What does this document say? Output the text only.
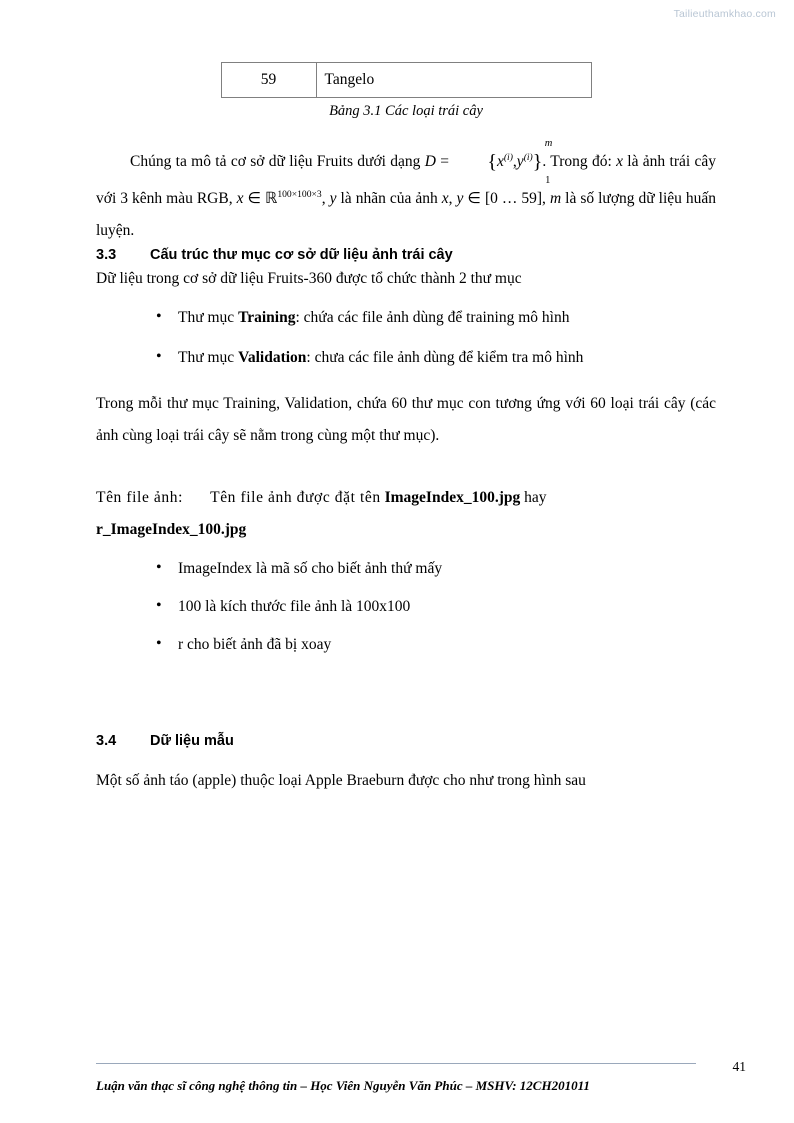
Tailieuthamkhao.com
59	Tangelo
Bảng 3.1 Các loại trái cây

Chúng ta mô tả cơ sở dữ liệu Fruits dưới dạng $D = \{x^{(i)},y^{(i)}\}$
m
1
. Trong đó: x là ảnh trái cây với 3 kênh màu RGB, x ∈ ℝ$^{100\times 100\times 3}$, y là nhãn của ảnh x, y ∈ [0 … 59], m là số lượng dữ liệu huấn luyện.

3.3	Cấu trúc thư mục cơ sở dữ liệu ảnh trái cây

Dữ liệu trong cơ sở dữ liệu Fruits-360 được tổ chức thành 2 thư mục

• Thư mục Training: chứa các file ảnh dùng để training mô hình
• Thư mục Validation: chưa các file ảnh dùng để kiểm tra mô hình

Trong mỗi thư mục Training, Validation, chứa 60 thư mục con tương ứng với 60 loại trái cây (các ảnh cùng loại trái cây sẽ nằm trong cùng một thư mục).

Tên file ảnh: Tên file ảnh được đặt tên ImageIndex_100.jpg hay
r_ImageIndex_100.jpg
• ImageIndex là mã số cho biết ảnh thứ mấy
• 100 là kích thước file ảnh là 100x100
• r cho biết ảnh đã bị xoay
3.4	Dữ liệu mẫu

Một số ảnh táo (apple) thuộc loại Apple Braeburn được cho như trong hình sau

Luận văn thạc sĩ công nghệ thông tin – Học Viên Nguyễn Văn Phúc – MSHV: 12CH201011
41
